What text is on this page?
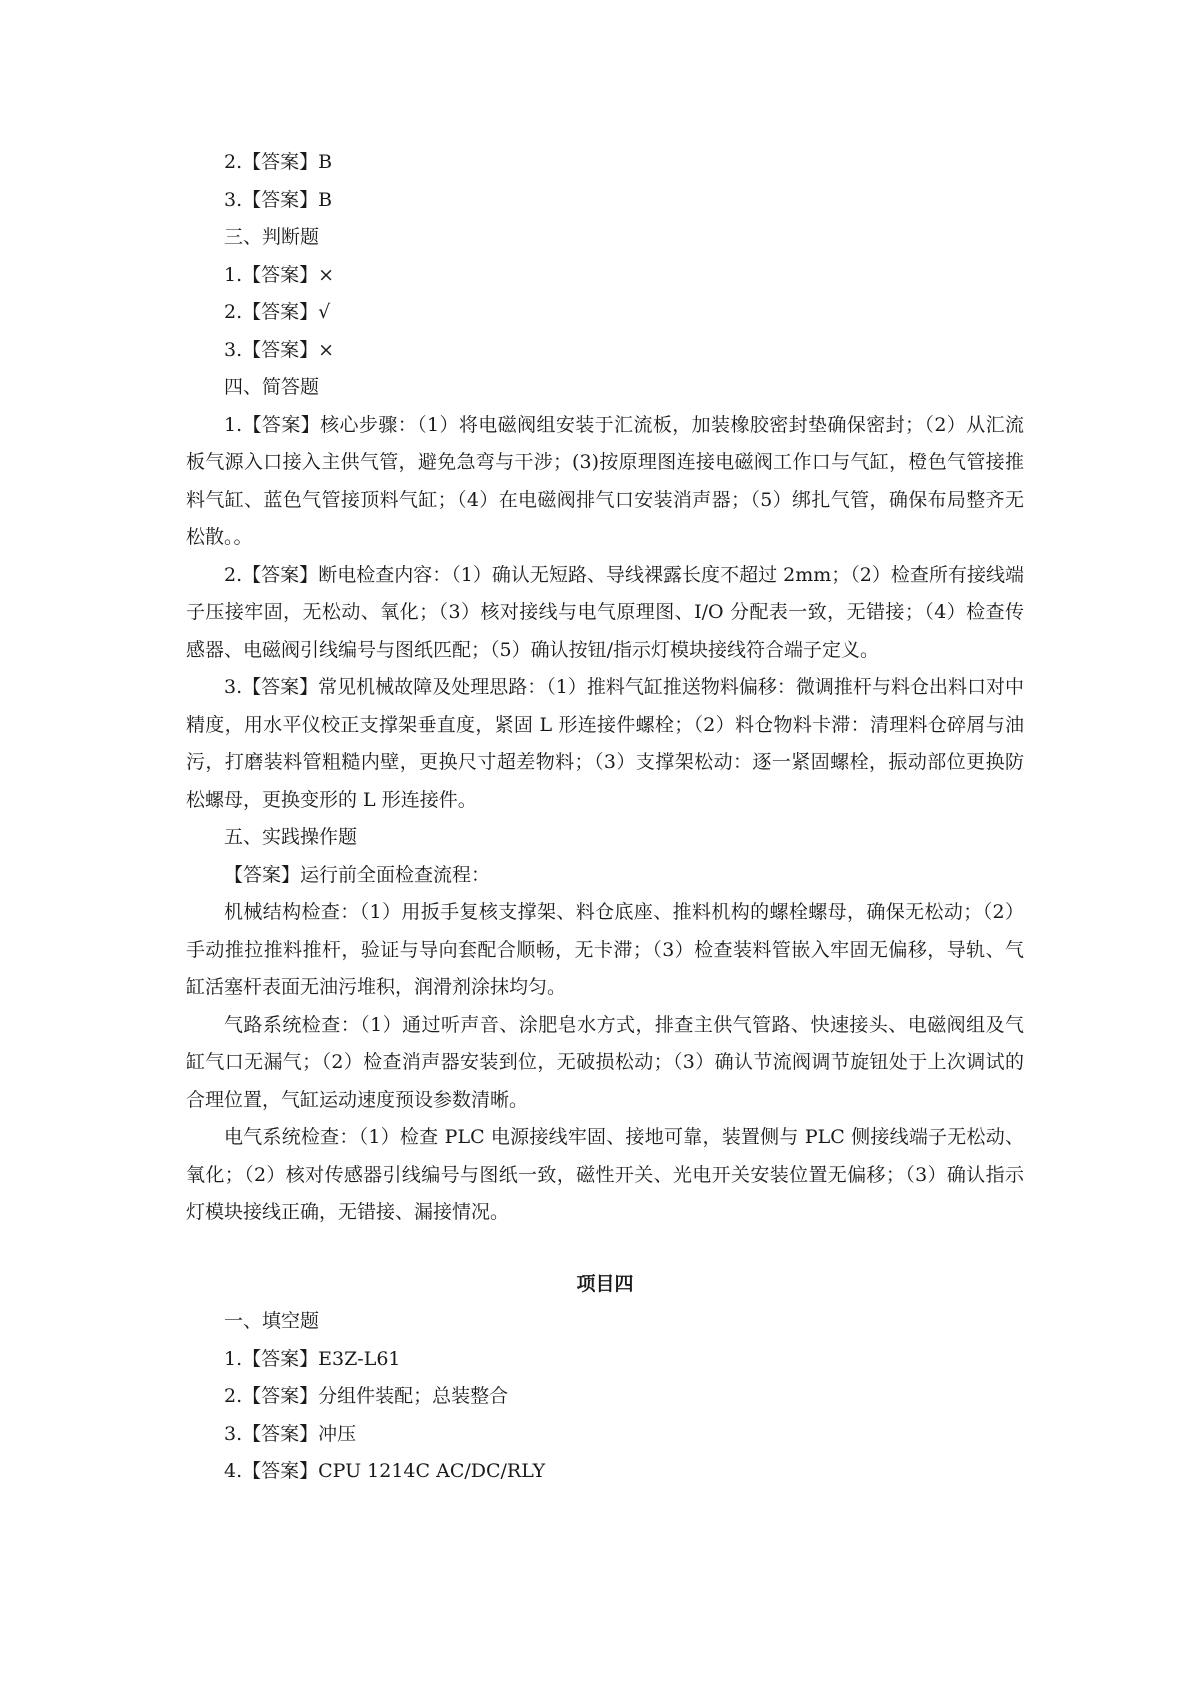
2.【答案】B

3.【答案】B

三、判断题

1.【答案】×

2.【答案】√

3.【答案】×

四、简答题

1.【答案】核心步骤：（1）将电磁阀组安装于汇流板，加装橡胶密封垫确保密封；（2）从汇流板气源入口接入主供气管，避免急弯与干涉；(3)按原理图连接电磁阀工作口与气缸，橙色气管接推料气缸、蓝色气管接顶料气缸；（4）在电磁阀排气口安装消声器；（5）绑扎气管，确保布局整齐无松散。。

2.【答案】断电检查内容：（1）确认无短路、导线裸露长度不超过 2mm；（2）检查所有接线端子压接牢固，无松动、氧化；（3）核对接线与电气原理图、I/O 分配表一致，无错接；（4）检查传感器、电磁阀引线编号与图纸匹配；（5）确认按钮/指示灯模块接线符合端子定义。

3.【答案】常见机械故障及处理思路：（1）推料气缸推送物料偏移：微调推杆与料仓出料口对中精度，用水平仪校正支撑架垂直度，紧固 L 形连接件螺栓；（2）料仓物料卡滞：清理料仓碎屑与油污，打磨装料管粗糙内壁，更换尺寸超差物料；（3）支撑架松动：逐一紧固螺栓，振动部位更换防松螺母，更换变形的 L 形连接件。

五、实践操作题

【答案】运行前全面检查流程：

机械结构检查：（1）用扳手复核支撑架、料仓底座、推料机构的螺栓螺母，确保无松动；（2）手动推拉推料推杆，验证与导向套配合顺畅，无卡滞；（3）检查装料管嵌入牢固无偏移，导轨、气缸活塞杆表面无油污堆积，润滑剂涂抹均匀。

气路系统检查：（1）通过听声音、涂肥皂水方式，排查主供气管路、快速接头、电磁阀组及气缸气口无漏气；（2）检查消声器安装到位，无破损松动；（3）确认节流阀调节旋钮处于上次调试的合理位置，气缸运动速度预设参数清晰。

电气系统检查：（1）检查 PLC 电源接线牢固、接地可靠，装置侧与 PLC 侧接线端子无松动、氧化；（2）核对传感器引线编号与图纸一致，磁性开关、光电开关安装位置无偏移；（3）确认指示灯模块接线正确，无错接、漏接情况。

项目四

一、填空题

1.【答案】E3Z-L61

2.【答案】分组件装配；总装整合

3.【答案】冲压

4.【答案】CPU 1214C AC/DC/RLY
